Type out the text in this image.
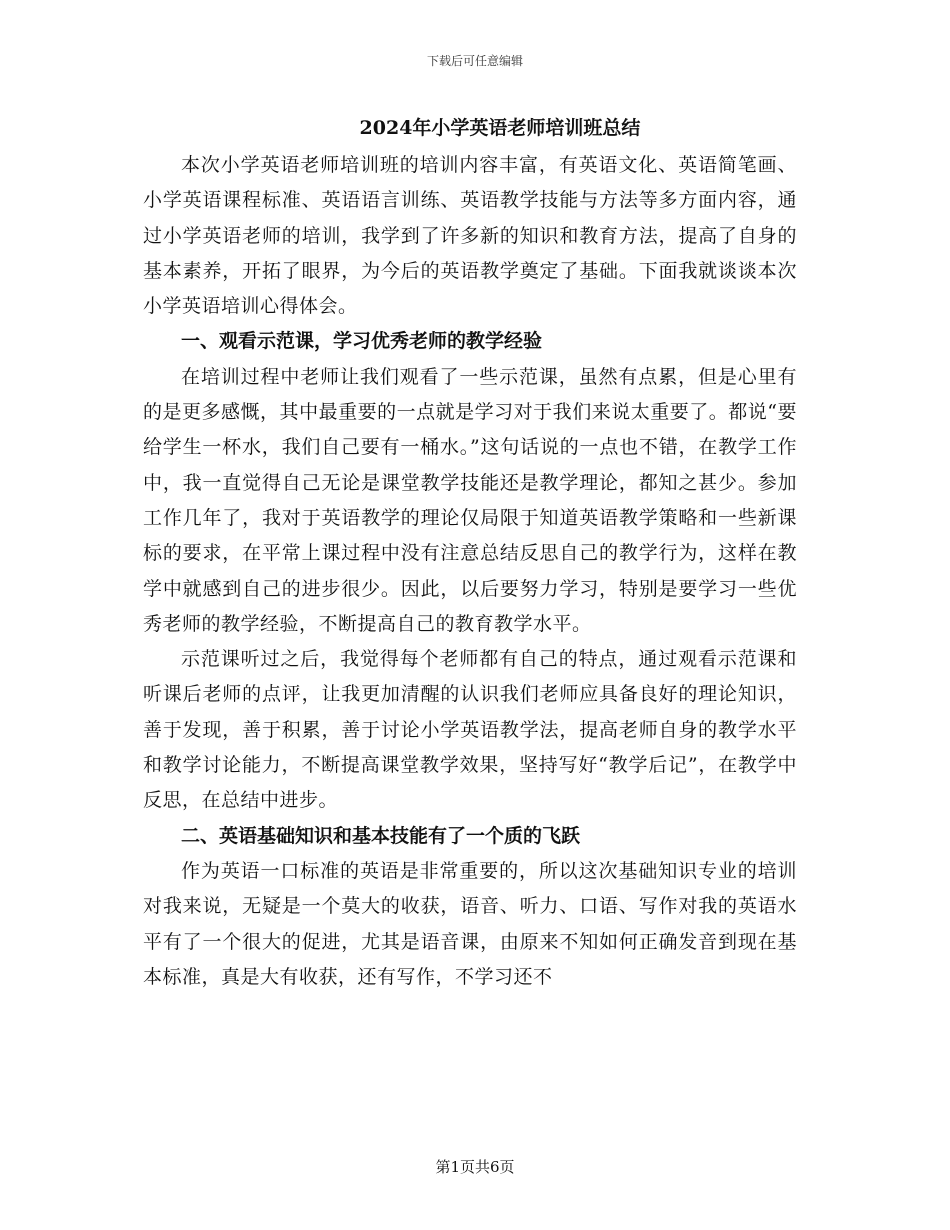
下载后可任意编辑
2024年小学英语老师培训班总结

本次小学英语老师培训班的培训内容丰富，有英语文化、英语简笔画、小学英语课程标准、英语语言训练、英语教学技能与方法等多方面内容，通过小学英语老师的培训，我学到了许多新的知识和教育方法，提高了自身的基本素养，开拓了眼界，为今后的英语教学奠定了基础。下面我就谈谈本次小学英语培训心得体会。

一、观看示范课，学习优秀老师的教学经验

在培训过程中老师让我们观看了一些示范课，虽然有点累，但是心里有的是更多感慨，其中最重要的一点就是学习对于我们来说太重要了。都说“要给学生一杯水，我们自己要有一桶水。”这句话说的一点也不错，在教学工作中，我一直觉得自己无论是课堂教学技能还是教学理论，都知之甚少。参加工作几年了，我对于英语教学的理论仅局限于知道英语教学策略和一些新课标的要求，在平常上课过程中没有注意总结反思自己的教学行为，这样在教学中就感到自己的进步很少。因此，以后要努力学习，特别是要学习一些优秀老师的教学经验，不断提高自己的教育教学水平。

示范课听过之后，我觉得每个老师都有自己的特点，通过观看示范课和听课后老师的点评，让我更加清醒的认识我们老师应具备良好的理论知识，善于发现，善于积累，善于讨论小学英语教学法，提高老师自身的教学水平和教学讨论能力，不断提高课堂教学效果，坚持写好“教学后记”，在教学中反思，在总结中进步。

二、英语基础知识和基本技能有了一个质的飞跃

作为英语一口标准的英语是非常重要的，所以这次基础知识专业的培训对我来说，无疑是一个莫大的收获，语音、听力、口语、写作对我的英语水平有了一个很大的促进，尤其是语音课，由原来不知如何正确发音到现在基本标准，真是大有收获，还有写作，不学习还不

第1页共6页
